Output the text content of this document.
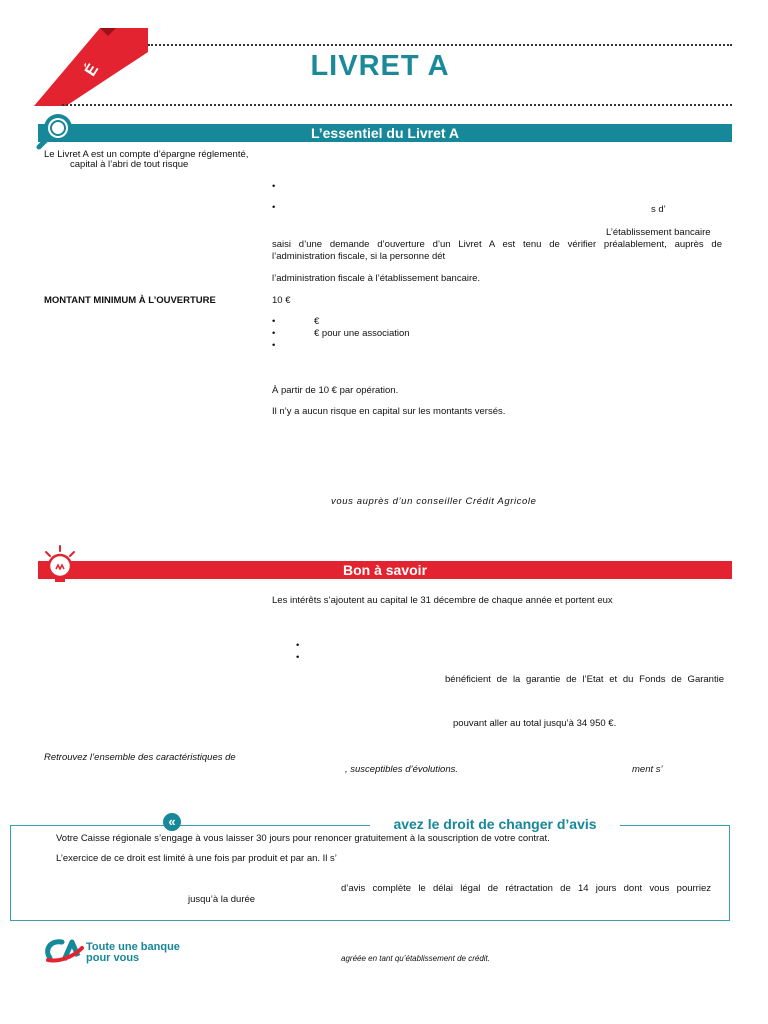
É	LIVRET A
L’essentiel du Livret A
Le Livret A est un compte d’épargne réglementé,
capital à l’abri de tout risque
•
•	s d’
L’établissement bancaire
saisi d’une demande d’ouverture d’un Livret A est tenu de vérifier préalablement, auprès de
l’administration fiscale, si la personne dét
l’administration fiscale à l’établissement bancaire.
MONTANT MINIMUM À L’OUVERTURE	10 €
•	€
•	€ pour une association
•
À partir de 10 € par opération.
Il n’y a aucun risque en capital sur les montants versés.
vous auprès d’un conseiller Crédit Agricole
Bon à savoir
Les intérêts s’ajoutent au capital le 31 décembre de chaque année et portent eux
•
•
bénéficient de la garantie de l’Etat et du Fonds de Garantie
pouvant aller au total jusqu’à 34 950 €.
Retrouvez l’ensemble des caractéristiques de
, susceptibles d’évolutions.	ment s’
avez le droit de changer d’avis
«
Votre Caisse régionale s’engage à vous laisser 30 jours pour renoncer gratuitement à la souscription de votre contrat.
L’exercice de ce droit est limité à une fois par produit et par an. Il s’
d’avis complète le délai légal de rétractation de 14 jours dont vous pourriez
jusqu’à la durée
Toute une banque
pour vous	agréée en tant qu’établissement de crédit.
